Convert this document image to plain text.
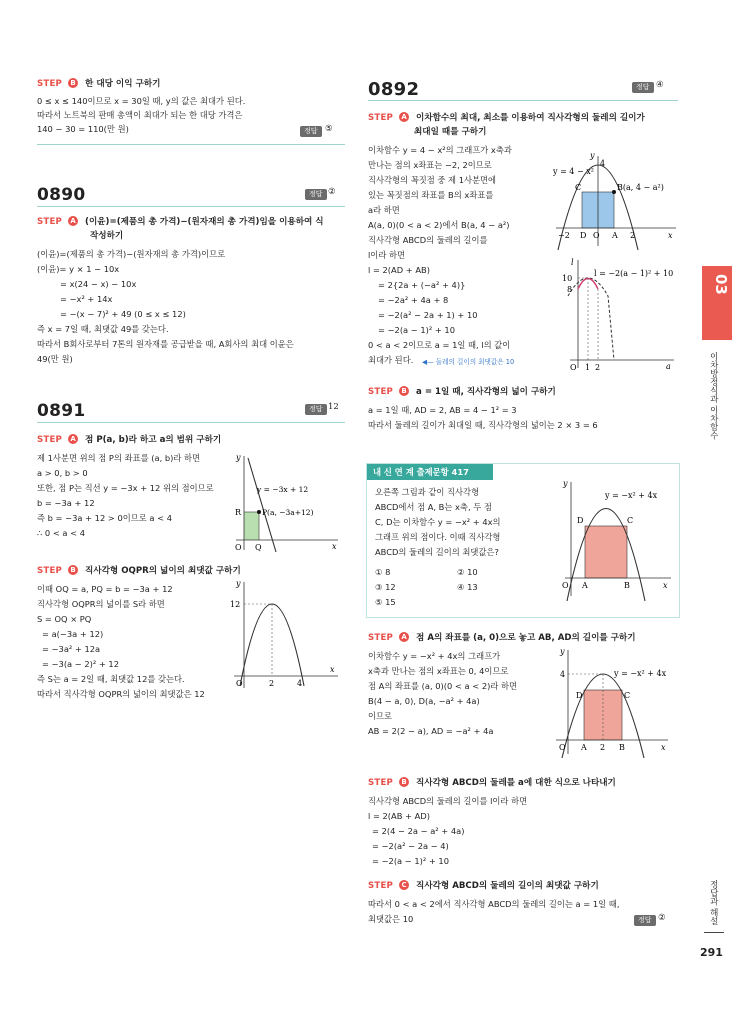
STEP B 한 대당 이익 구하기
0 ≤ x ≤ 140이므로 x = 30일 때, y의 값은 최대가 된다.
따라서 노트북의 판매 총액이 최대가 되는 한 대당 가격은
140 − 30 = 110(만 원)	정답 ⑤
0890	정답 ②
STEP A (이윤)=(제품의 총 가격)−(원자재의 총 가격)임을 이용하여 식
작성하기
(이윤)=(제품의 총 가격)−(원자재의 총 가격)이므로
(이윤)= y × 1 − 10x
= x(24 − x) − 10x
= −x² + 14x
= −(x − 7)² + 49 (0 ≤ x ≤ 12)
즉 x = 7일 때, 최댓값 49를 갖는다.
따라서 B회사로부터 7톤의 원자재를 공급받을 때, A회사의 최대 이윤은
49(만 원)
0891	정답 12
STEP A 점 P(a, b)라 하고 a의 범위 구하기
제 1사분면 위의 점 P의 좌표를 (a, b)라 하면
a > 0, b > 0
또한, 점 P는 직선 y = −3x + 12 위의 점이므로
b = −3a + 12
즉 b = −3a + 12 > 0이므로 a < 4
∴ 0 < a < 4
y
x
O Q
R	P(a, −3a+12)
y = −3x + 12
STEP B 직사각형 OQPR의 넓이의 최댓값 구하기
이때 OQ = a, PQ = b = −3a + 12
직사각형 OQPR의 넓이를 S라 하면
S = OQ × PQ
= a(−3a + 12)
= −3a² + 12a
= −3(a − 2)² + 12
즉 S는 a = 2일 때, 최댓값 12를 갖는다.
따라서 직사각형 OQPR의 넓이의 최댓값은 12
y
x
O
12
2	4
0892	정답 ④
STEP A 이차함수의 최대, 최소를 이용하여 직사각형의 둘레의 길이가
최대일 때를 구하기
이차함수 y = 4 − x²의 그래프가 x축과
만나는 점의 x좌표는 −2, 2이므로
직사각형의 꼭짓점 중 제 1사분면에
있는 꼭짓점의 좌표를 B의 x좌표를
a라 하면
A(a, 0)(0 < a < 2)에서 B(a, 4 − a²)
직사각형 ABCD의 둘레의 길이를
l이라 하면
l = 2(AD + AB)
= 2{2a + (−a² + 4)}
= −2a² + 4a + 8
= −2(a² − 2a + 1) + 10
= −2(a − 1)² + 10
0 < a < 2이므로 a = 1일 때, l의 값이
최대가 된다. ◀— 둘레의 길이의 최댓값은 10
y = 4 − x²
4
C	B(a, 4 − a²)
−2 D O A 2	x
y
l
l = −2(a − 1)² + 10
10
8
O 1 2	a
STEP B a = 1일 때, 직사각형의 넓이 구하기
a = 1일 때, AD = 2, AB = 4 − 1² = 3
따라서 둘레의 길이가 최대일 때, 직사각형의 넓이는 2 × 3 = 6
내 신 연 계 출제문항 417
오른쪽 그림과 같이 직사각형
ABCD에서 점 A, B는 x축, 두 점
C, D는 이차함수 y = −x² + 4x의
그래프 위의 점이다. 이때 직사각형
ABCD의 둘레의 길이의 최댓값은?
① 8	② 10
③ 12	④ 13
⑤ 15
y
x
y = −x² + 4x
D	C
O A	B
STEP A 점 A의 좌표를 (a, 0)으로 놓고 AB, AD의 길이를 구하기
이차함수 y = −x² + 4x의 그래프가
x축과 만나는 점의 x좌표는 0, 4이므로
점 A의 좌표를 (a, 0)(0 < a < 2)라 하면
B(4 − a, 0), D(a, −a² + 4a)
이므로
AB = 2(2 − a), AD = −a² + 4a
y
x
y = −x² + 4x
4
D	C
O A 2 B
STEP B 직사각형 ABCD의 둘레를 a에 대한 식으로 나타내기
직사각형 ABCD의 둘레의 길이를 l이라 하면
l = 2(AB + AD)
= 2(4 − 2a − a² + 4a)
= −2(a² − 2a − 4)
= −2(a − 1)² + 10
STEP C 직사각형 ABCD의 둘레의 길이의 최댓값 구하기
따라서 0 < a < 2에서 직사각형 ABCD의 둘레의 길이는 a = 1일 때,
최댓값은 10	정답 ②
03
이차방정식과 이차함수
정답과 해설
291
